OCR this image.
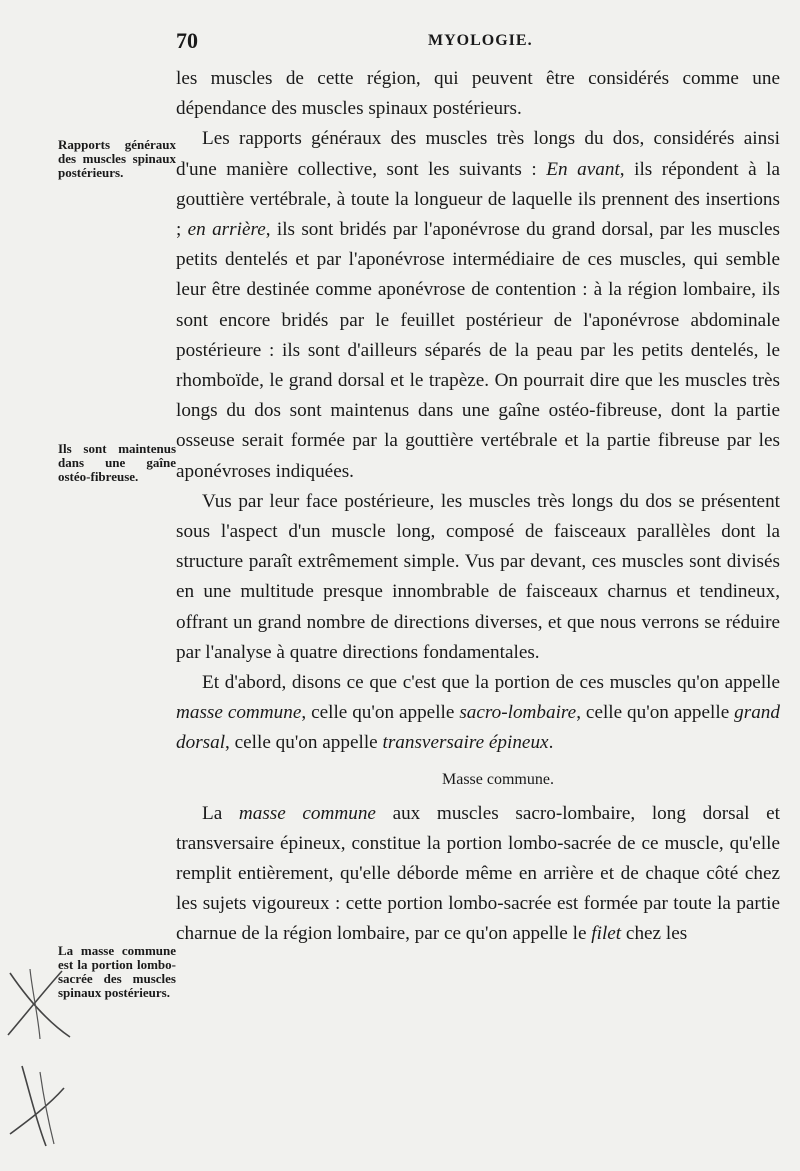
70	MYOLOGIE.
Rapports généraux des muscles spinaux postérieurs.
Ils sont maintenus dans une gaîne ostéo-fibreuse.
La masse commune est la portion lombo-sacrée des muscles spinaux postérieurs.

les muscles de cette région, qui peuvent être considérés comme une dépendance des muscles spinaux postérieurs.

Les rapports généraux des muscles très longs du dos, considérés ainsi d'une manière collective, sont les suivants : En avant, ils répondent à la gouttière vertébrale, à toute la longueur de laquelle ils prennent des insertions ; en arrière, ils sont bridés par l'aponévrose du grand dorsal, par les muscles petits dentelés et par l'aponévrose intermédiaire de ces muscles, qui semble leur être destinée comme aponévrose de contention : à la région lombaire, ils sont encore bridés par le feuillet postérieur de l'aponévrose abdominale postérieure : ils sont d'ailleurs séparés de la peau par les petits dentelés, le rhomboïde, le grand dorsal et le trapèze. On pourrait dire que les muscles très longs du dos sont maintenus dans une gaîne ostéo-fibreuse, dont la partie osseuse serait formée par la gouttière vertébrale et la partie fibreuse par les aponévroses indiquées.

Vus par leur face postérieure, les muscles très longs du dos se présentent sous l'aspect d'un muscle long, composé de faisceaux parallèles dont la structure paraît extrêmement simple. Vus par devant, ces muscles sont divisés en une multitude presque innombrable de faisceaux charnus et tendineux, offrant un grand nombre de directions diverses, et que nous verrons se réduire par l'analyse à quatre directions fondamentales.

Et d'abord, disons ce que c'est que la portion de ces muscles qu'on appelle masse commune, celle qu'on appelle sacro-lombaire, celle qu'on appelle grand dorsal, celle qu'on appelle transversaire épineux.

Masse commune.

La masse commune aux muscles sacro-lombaire, long dorsal et transversaire épineux, constitue la portion lombo-sacrée de ce muscle, qu'elle remplit entièrement, qu'elle déborde même en arrière et de chaque côté chez les sujets vigoureux : cette portion lombo-sacrée est formée par toute la partie charnue de la région lombaire, par ce qu'on appelle le filet chez les
